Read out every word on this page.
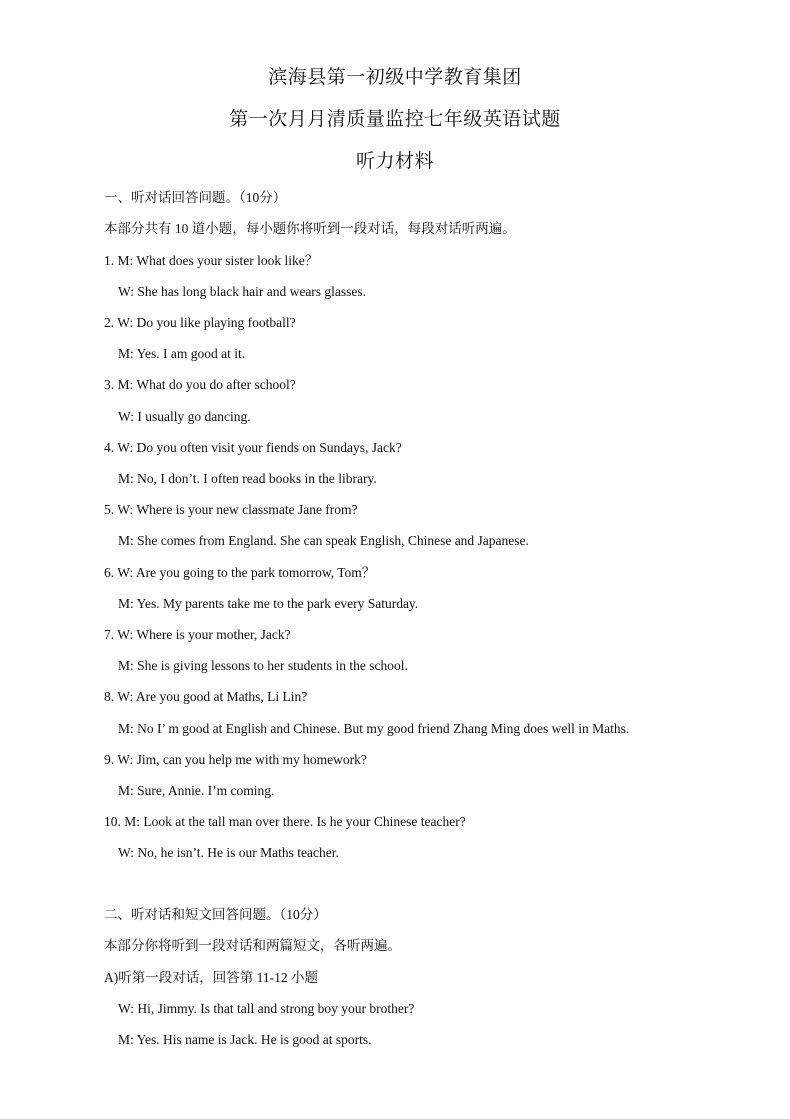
滨海县第一初级中学教育集团
第一次月月清质量监控七年级英语试题
听力材料
一、听对话回答问题。（10分）
本部分共有 10 道小题，每小题你将听到一段对话，每段对话听两遍。
1. M: What does your sister look like？
W: She has long black hair and wears glasses.
2. W: Do you like playing football?
M: Yes. I am good at it.
3. M: What do you do after school?
W: I usually go dancing.
4. W: Do you often visit your fiends on Sundays, Jack?
M: No, I don’t. I often read books in the library.
5. W: Where is your new classmate Jane from?
M: She comes from England. She can speak English, Chinese and Japanese.
6. W: Are you going to the park tomorrow, Tom？
M: Yes. My parents take me to the park every Saturday.
7. W: Where is your mother, Jack?
M: She is giving lessons to her students in the school.
8. W: Are you good at Maths, Li Lin?
M: No I’ m good at English and Chinese. But my good friend Zhang Ming does well in Maths.
9. W: Jim, can you help me with my homework?
M: Sure, Annie. I’m coming.
10. M: Look at the tall man over there. Is he your Chinese teacher?
W: No, he isn’t. He is our Maths teacher.
二、听对话和短文回答问题。（10分）
本部分你将听到一段对话和两篇短文，各听两遍。
A)听第一段对话，回答第 11-12 小题
W: Hi, Jimmy. Is that tall and strong boy your brother?
M: Yes. His name is Jack. He is good at sports.
